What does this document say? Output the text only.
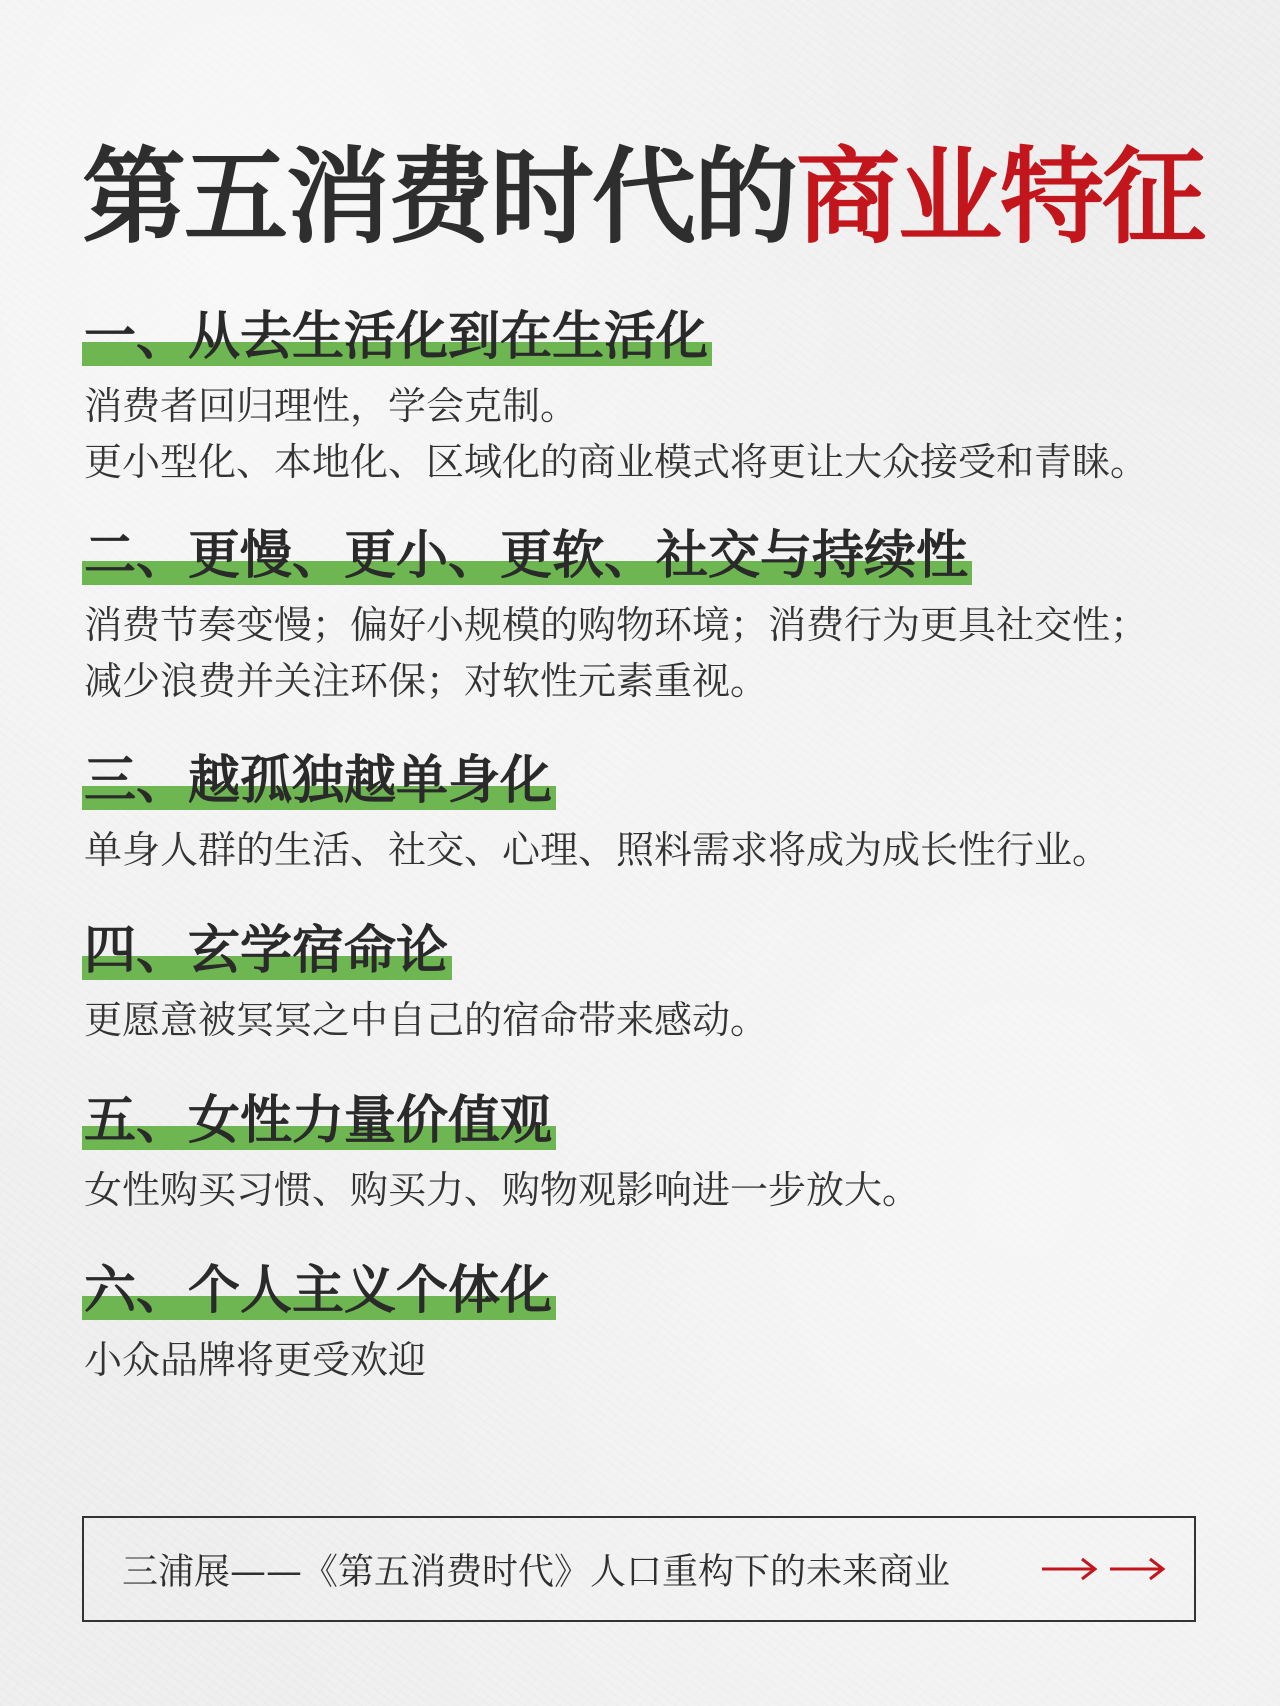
第五消费时代的商业特征
一、从去生活化到在生活化

消费者回归理性，学会克制。
更小型化、本地化、区域化的商业模式将更让大众接受和青睐。

二、更慢、更小、更软、社交与持续性

消费节奏变慢；偏好小规模的购物环境；消费行为更具社交性；
减少浪费并关注环保；对软性元素重视。

三、越孤独越单身化

单身人群的生活、社交、心理、照料需求将成为成长性行业。

四、玄学宿命论

更愿意被冥冥之中自己的宿命带来感动。

五、女性力量价值观

女性购买习惯、购买力、购物观影响进一步放大。

六、个人主义个体化

小众品牌将更受欢迎

三浦展——《第五消费时代》人口重构下的未来商业
